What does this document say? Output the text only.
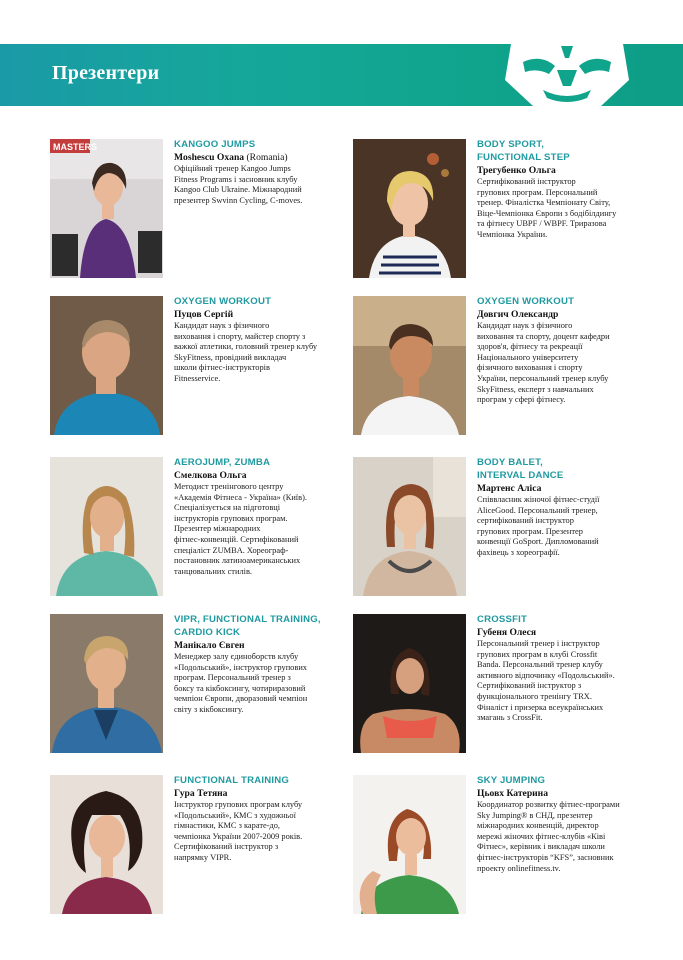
Презентери
MASTERS	KANGOO JUMPS
Moshescu Oxana (Romania)
Офіційний тренер Kangoo Jumps
Fitness Programs і засновник клубу
Kangoo Club Ukraine. Міжнародний
презентер Swvinn Cycling, C-moves.
BODY SPORT,
FUNCTIONAL STEP
Трегубенко Ольга
Сертифікований інструктор
групових програм. Персональний
тренер. Фіналістка Чемпіонату Світу,
Віце-Чемпіонка Європи з бодібілдингу
та фітнесу UBPF / WBPF. Триразова
Чемпіонка України.
OXYGEN WORKOUT
Пуцов Сергій
Кандидат наук з фізичного
виховання і спорту, майстер спорту з
важкої атлетики, головний тренер клубу
SkyFitness, провідний викладач
школи фітнес-інструкторів
Fitnesservice.
OXYGEN WORKOUT
Довгич Олександр
Кандидат наук з фізичного
виховання та спорту, доцент кафедри
здоров'я, фітнесу та рекреації
Національного університету
фізичного виховання і спорту
України, персональний тренер клубу
SkyFitness, експерт з навчальних
програм у сфері фітнесу.
AEROJUMP, ZUMBA
Смелкова Ольга
Методист тренінгового центру
«Академія Фітнеса - Україна» (Київ).
Спеціалізується на підготовці
інструкторів групових програм.
Презентер міжнародних
фітнес-конвенцій. Сертифікований
спеціаліст ZUMBA. Хореограф-
постановник латиноамериканських
танцювальних стилів.
BODY BALET,
INTERVAL DANCE
Мартенс Аліса
Співвласник жіночої фітнес-студії
AliceGood. Персональний тренер,
сертифікований інструктор
групових програм. Презентер
конвенції GoSport. Дипломований
фахівець з хореографії.
VIPR, FUNCTIONAL TRAINING,
CARDIO KICK
Манікало Євген
Менеджер залу єдиноборств клубу
«Подольський», інструктор групових
програм. Персональний тренер з
боксу та кікбоксингу, чотириразовий
чемпіон Європи, дворазовий чемпіон
світу з кікбоксингу.
CROSSFIT
Губеня Олеся
Персональний тренер і інструктор
групових програм в клубі Crossfit
Banda. Персональний тренер клубу
активного відпочинку «Подольський».
Сертифікований інструктор з
функціонального тренінгу TRX.
Фіналіст і призерка всеукраїнських
змагань з CrossFit.
FUNCTIONAL TRAINING
Гура Тетяна
Інструктор групових програм клубу
«Подольський», КМС з художньої
гімнастики, КМС з карате-до,
чемпіонка України 2007-2009 років.
Сертифікований інструктор з
напрямку VIPR.
SKY JUMPING
Цьовх Катерина
Координатор розвитку фітнес-програми
Sky Jumping® в СНД, презентер
міжнародних конвенцій, директор
мережі жіночих фітнес-клубів «Ківі
Фітнес», керівник і викладач школи
фітнес-інструкторів “KFS”, засновник
проекту onlinefitness.tv.
